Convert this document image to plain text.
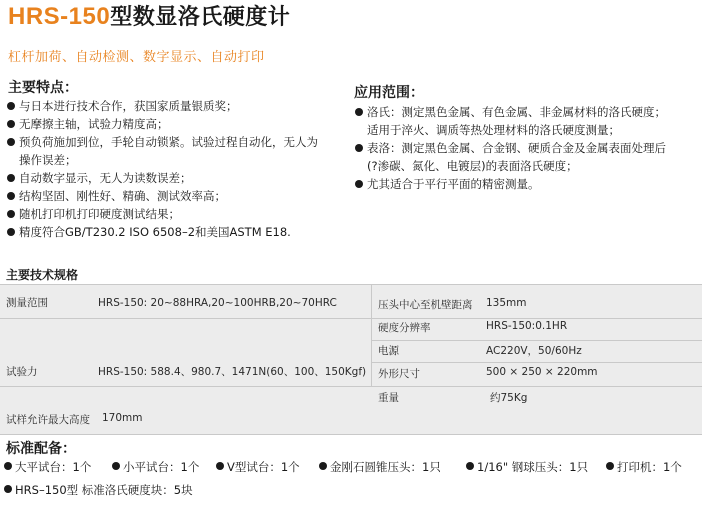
HRS-150型数显洛氏硬度计
杠杆加荷、自动检测、数字显示、自动打印
主要特点：
与日本进行技术合作，获国家质量银质奖；
无摩擦主轴，试验力精度高；
预负荷施加到位，手轮自动锁紧。试验过程自动化，无人为
操作误差；
自动数字显示，无人为读数误差；
结构坚固、刚性好、精确、测试效率高；
随机打印机打印硬度测试结果；
精度符合GB/T230.2 ISO 6508–2和美国ASTM E18.
应用范围：
洛氏：测定黑色金属、有色金属、非金属材料的洛氏硬度；
适用于淬火、调质等热处理材料的洛氏硬度测量；
表洛：测定黑色金属、合金钢、硬质合金及金属表面处理后
(?渗碳、氮化、电镀层)的表面洛氏硬度；
尤其适合于平行平面的精密测量。
主要技术规格
测量范围	HRS-150: 20~88HRA,20~100HRB,20~70HRC
试验力	HRS-150: 588.4、980.7、1471N(60、100、150Kgf)
试样允许最大高度 170mm
压头中心至机壁距离 135mm
硬度分辨率	HRS-150:0.1HR
电源	AC220V，50/60Hz
外形尺寸	500 × 250 × 220mm
重量	约75Kg
标准配备：
大平试台：1个	小平试台：1个	V型试台：1个	金刚石圆锥压头：1只	1/16" 钢球压头：1只	打印机：1个
HRS–150型 标准洛氏硬度块：5块
